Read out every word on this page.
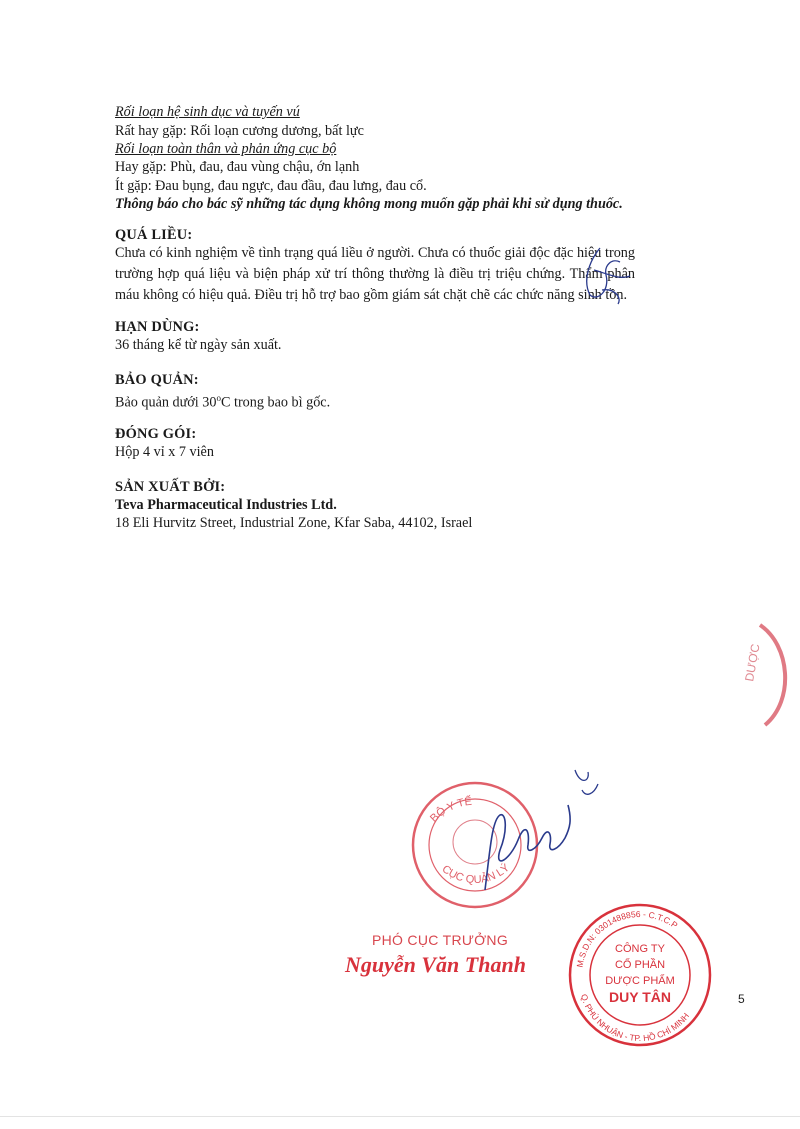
Rối loạn hệ sinh dục và tuyến vú
Rất hay gặp: Rối loạn cương dương, bất lực
Rối loạn toàn thân và phản ứng cục bộ
Hay gặp: Phù, đau, đau vùng chậu, ớn lạnh
Ít gặp: Đau bụng, đau ngực, đau đầu, đau lưng, đau cổ.
Thông báo cho bác sỹ những tác dụng không mong muốn gặp phải khi sử dụng thuốc.
QUÁ LIỀU:
Chưa có kinh nghiệm về tình trạng quá liều ở người. Chưa có thuốc giải độc đặc hiệu trong trường hợp quá liệu và biện pháp xử trí thông thường là điều trị triệu chứng. Thẩm phân máu không có hiệu quả. Điều trị hỗ trợ bao gồm giám sát chặt chẽ các chức năng sinh tồn.
HẠN DÙNG:
36 tháng kể từ ngày sản xuất.
BẢO QUẢN:
Bảo quản dưới 30$^o$C trong bao bì gốc.
ĐÓNG GÓI:
Hộp 4 vỉ x 7 viên
SẢN XUẤT BỞI:
Teva Pharmaceutical Industries Ltd.
18 Eli Hurvitz Street, Industrial Zone, Kfar Saba, 44102, Israel
DƯỢC
BỘ Y TẾ
CỤC QUẢN LÝ
PHÓ CỤC TRƯỞNG
Nguyễn Văn Thanh	M.S.D.N: 0301488856 - C.T.C.P
Q. PHÚ NHUẬN - TP. HỒ CHÍ MINH
CÔNG TY
CỔ PHẦN
DƯỢC PHẨM
DUY TÂN	5
